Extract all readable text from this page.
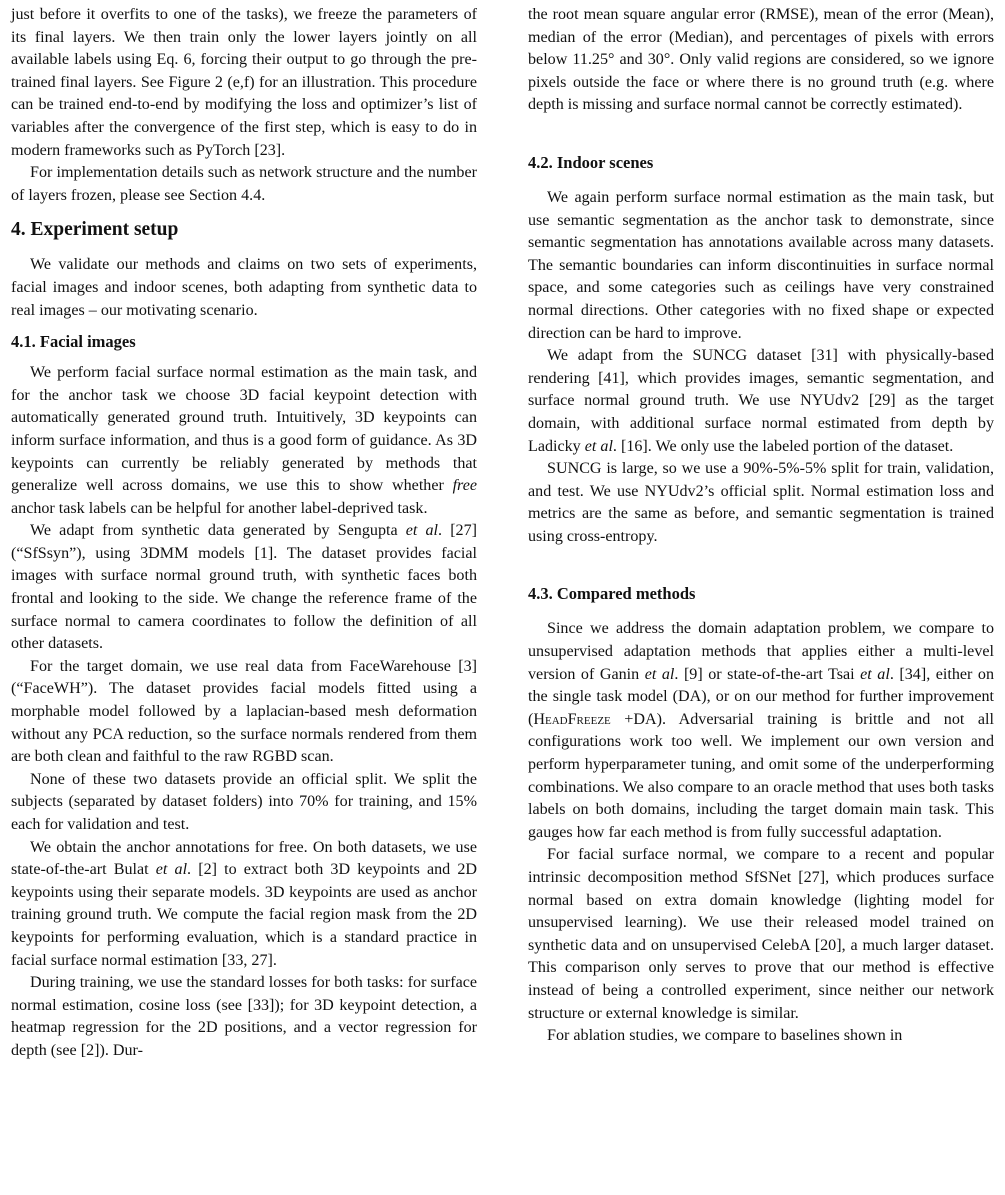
just before it overfits to one of the tasks), we freeze the parameters of its final layers. We then train only the lower layers jointly on all available labels using Eq. 6, forcing their output to go through the pre-trained final layers. See Figure 2 (e,f) for an illustration. This procedure can be trained end-to-end by modifying the loss and optimizer’s list of variables after the convergence of the first step, which is easy to do in modern frameworks such as PyTorch [23].

For implementation details such as network structure and the number of layers frozen, please see Section 4.4.

4. Experiment setup

We validate our methods and claims on two sets of experiments, facial images and indoor scenes, both adapting from synthetic data to real images – our motivating scenario.

4.1. Facial images

We perform facial surface normal estimation as the main task, and for the anchor task we choose 3D facial keypoint detection with automatically generated ground truth. Intuitively, 3D keypoints can inform surface information, and thus is a good form of guidance. As 3D keypoints can currently be reliably generated by methods that generalize well across domains, we use this to show whether free anchor task labels can be helpful for another label-deprived task.

We adapt from synthetic data generated by Sengupta et al. [27] (“SfSsyn”), using 3DMM models [1]. The dataset provides facial images with surface normal ground truth, with synthetic faces both frontal and looking to the side. We change the reference frame of the surface normal to camera coordinates to follow the definition of all other datasets.

For the target domain, we use real data from FaceWarehouse [3] (“FaceWH”). The dataset provides facial models fitted using a morphable model followed by a laplacian-based mesh deformation without any PCA reduction, so the surface normals rendered from them are both clean and faithful to the raw RGBD scan.

None of these two datasets provide an official split. We split the subjects (separated by dataset folders) into 70% for training, and 15% each for validation and test.

We obtain the anchor annotations for free. On both datasets, we use state-of-the-art Bulat et al. [2] to extract both 3D keypoints and 2D keypoints using their separate models. 3D keypoints are used as anchor training ground truth. We compute the facial region mask from the 2D keypoints for performing evaluation, which is a standard practice in facial surface normal estimation [33, 27].

During training, we use the standard losses for both tasks: for surface normal estimation, cosine loss (see [33]); for 3D keypoint detection, a heatmap regression for the 2D positions, and a vector regression for depth (see [2]). Dur-

the root mean square angular error (RMSE), mean of the error (Mean), median of the error (Median), and percentages of pixels with errors below 11.25° and 30°. Only valid regions are considered, so we ignore pixels outside the face or where there is no ground truth (e.g. where depth is missing and surface normal cannot be correctly estimated).

4.2. Indoor scenes

We again perform surface normal estimation as the main task, but use semantic segmentation as the anchor task to demonstrate, since semantic segmentation has annotations available across many datasets. The semantic boundaries can inform discontinuities in surface normal space, and some categories such as ceilings have very constrained normal directions. Other categories with no fixed shape or expected direction can be hard to improve.

We adapt from the SUNCG dataset [31] with physically-based rendering [41], which provides images, semantic segmentation, and surface normal ground truth. We use NYUdv2 [29] as the target domain, with additional surface normal estimated from depth by Ladicky et al. [16]. We only use the labeled portion of the dataset.

SUNCG is large, so we use a 90%-5%-5% split for train, validation, and test. We use NYUdv2’s official split. Normal estimation loss and metrics are the same as before, and semantic segmentation is trained using cross-entropy.

4.3. Compared methods

Since we address the domain adaptation problem, we compare to unsupervised adaptation methods that applies either a multi-level version of Ganin et al. [9] or state-of-the-art Tsai et al. [34], either on the single task model (DA), or on our method for further improvement (HeadFreeze +DA). Adversarial training is brittle and not all configurations work too well. We implement our own version and perform hyperparameter tuning, and omit some of the underperforming combinations. We also compare to an oracle method that uses both tasks labels on both domains, including the target domain main task. This gauges how far each method is from fully successful adaptation.

For facial surface normal, we compare to a recent and popular intrinsic decomposition method SfSNet [27], which produces surface normal based on extra domain knowledge (lighting model for unsupervised learning). We use their released model trained on synthetic data and on unsupervised CelebA [20], a much larger dataset. This comparison only serves to prove that our method is effective instead of being a controlled experiment, since neither our network structure or external knowledge is similar.

For ablation studies, we compare to baselines shown in
